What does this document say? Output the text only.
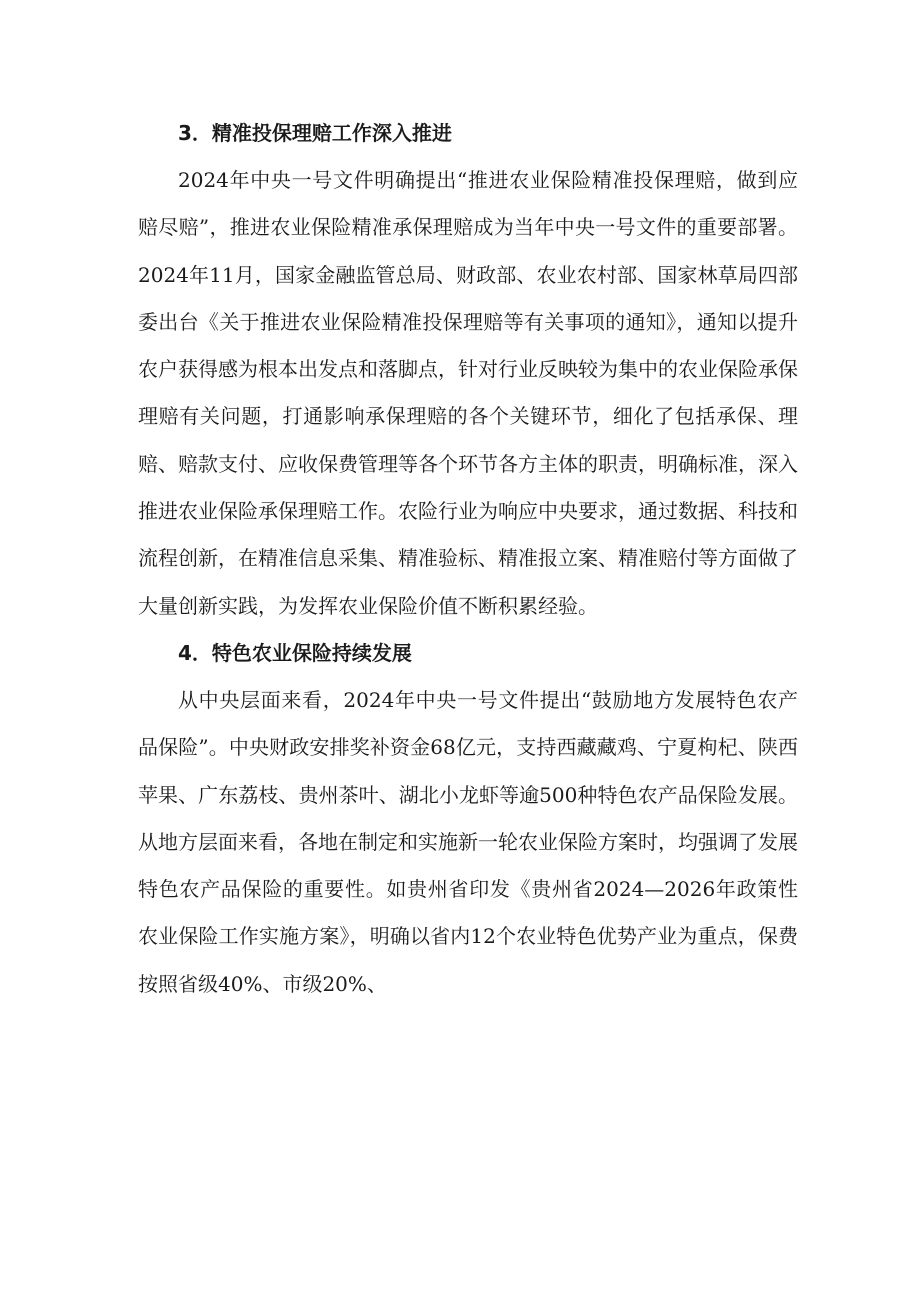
3．精准投保理赔工作深入推进

2024年中央一号文件明确提出“推进农业保险精准投保理赔，做到应赔尽赔”，推进农业保险精准承保理赔成为当年中央一号文件的重要部署。2024年11月，国家金融监管总局、财政部、农业农村部、国家林草局四部委出台《关于推进农业保险精准投保理赔等有关事项的通知》，通知以提升农户获得感为根本出发点和落脚点，针对行业反映较为集中的农业保险承保理赔有关问题，打通影响承保理赔的各个关键环节，细化了包括承保、理赔、赔款支付、应收保费管理等各个环节各方主体的职责，明确标准，深入推进农业保险承保理赔工作。农险行业为响应中央要求，通过数据、科技和流程创新，在精准信息采集、精准验标、精准报立案、精准赔付等方面做了大量创新实践，为发挥农业保险价值不断积累经验。

4．特色农业保险持续发展

从中央层面来看，2024年中央一号文件提出“鼓励地方发展特色农产品保险”。中央财政安排奖补资金68亿元，支持西藏藏鸡、宁夏枸杞、陕西苹果、广东荔枝、贵州茶叶、湖北小龙虾等逾500种特色农产品保险发展。从地方层面来看，各地在制定和实施新一轮农业保险方案时，均强调了发展特色农产品保险的重要性。如贵州省印发《贵州省2024—2026年政策性农业保险工作实施方案》，明确以省内12个农业特色优势产业为重点，保费按照省级40%、市级20%、
